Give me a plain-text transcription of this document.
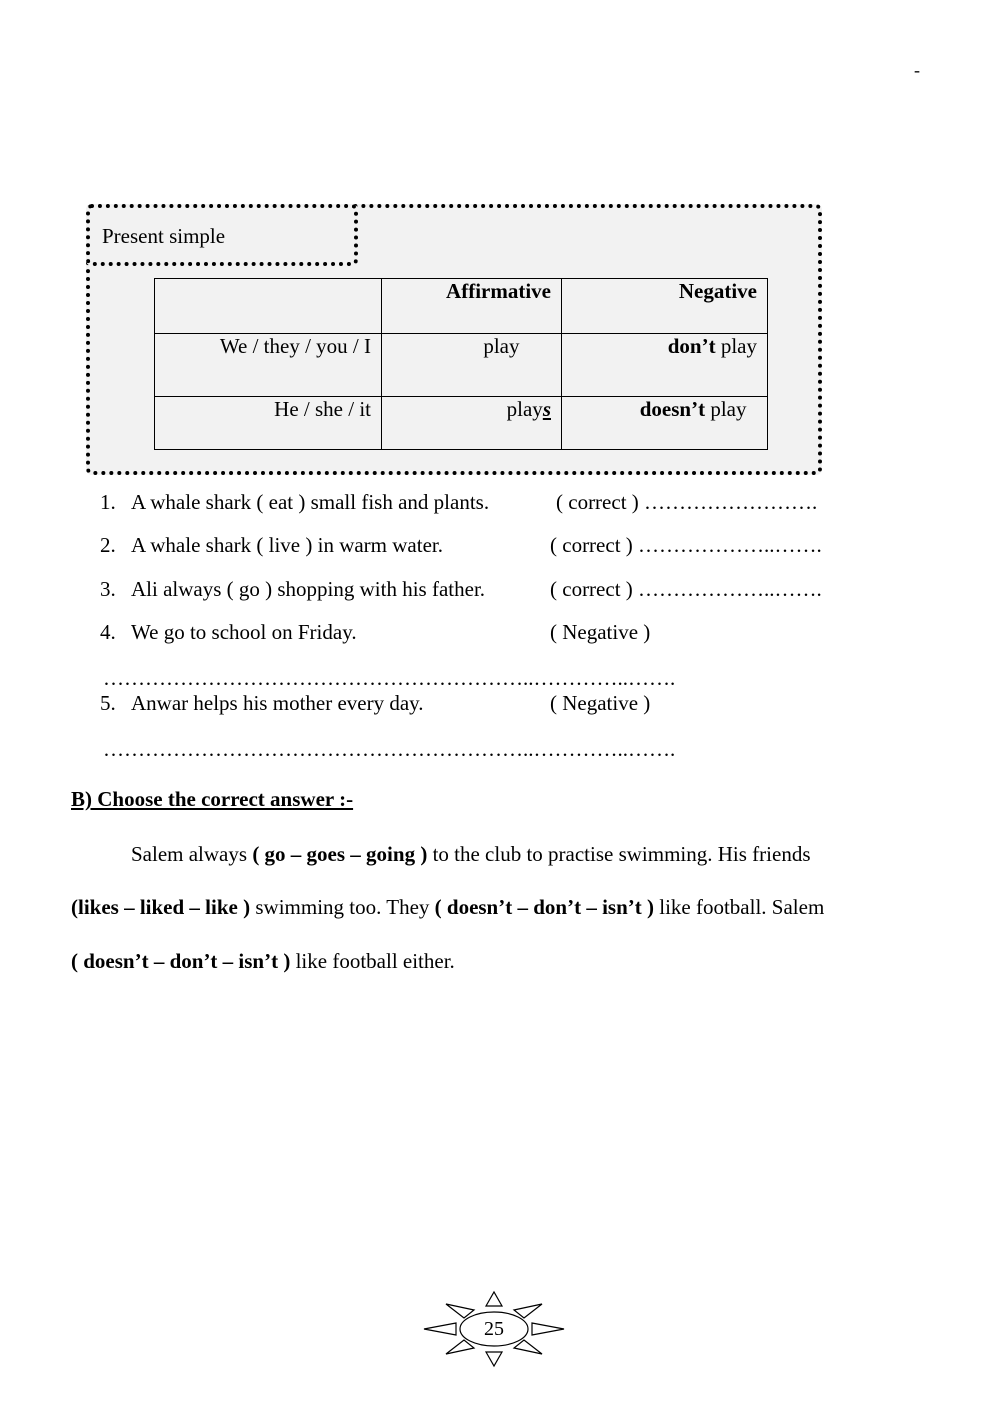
-
Present simple
	Affirmative	Negative
We / they / you / I	play	don’t play
He / she / it	plays	doesn’t play
1. A whale shark ( eat ) small fish and plants.	( correct ) …………………….
2. A whale shark ( live ) in warm water.	( correct ) ………………..…….
3. Ali always ( go ) shopping with his father.	( correct ) ………………..…….
4. We go to school on Friday.	( Negative )
……………………………………………………..…………..…….
5. Anwar helps his mother every day.	( Negative )
……………………………………………………..…………..…….
B) Choose the correct answer :-
Salem always ( go – goes – going ) to the club to practise swimming. His friends
(likes – liked – like ) swimming too. They ( doesn’t – don’t – isn’t ) like football. Salem
( doesn’t – don’t – isn’t ) like football either.
25
